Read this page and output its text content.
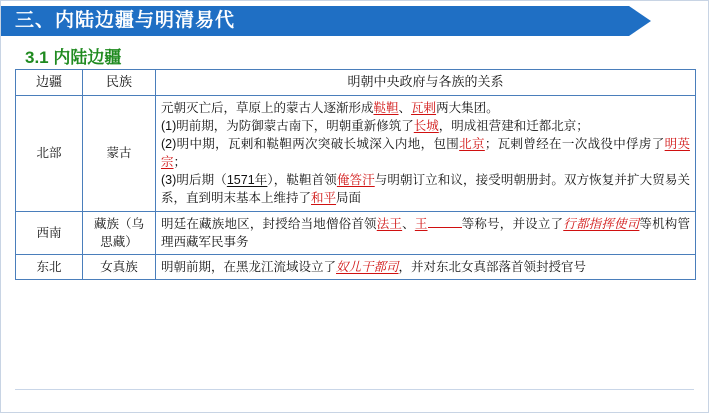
三、内陆边疆与明清易代
3.1 内陆边疆
边疆	民族	明朝中央政府与各族的关系
北部	蒙古	元朝灭亡后，草原上的蒙古人逐渐形成鞑靼、瓦剌两大集团。

(1)明前期，为防御蒙古南下，明朝重新修筑了长城，明成祖营建和迁都北京；

(2)明中期，瓦剌和鞑靼两次突破长城深入内地，包围北京；瓦剌曾经在一次战役中俘虏了明英宗；

(3)明后期（1571年），鞑靼首领俺答汗与明朝订立和议，接受明朝册封。双方恢复并扩大贸易关系，直到明末基本上维持了和平局面

西南	藏族（乌思藏）	明廷在藏族地区，封授给当地僧俗首领法王、王 等称号，并设立了行都指挥使司等机构管理西藏军民事务

东北	女真族	明朝前期，在黑龙江流域设立了奴儿干都司，并对东北女真部落首领封授官号
